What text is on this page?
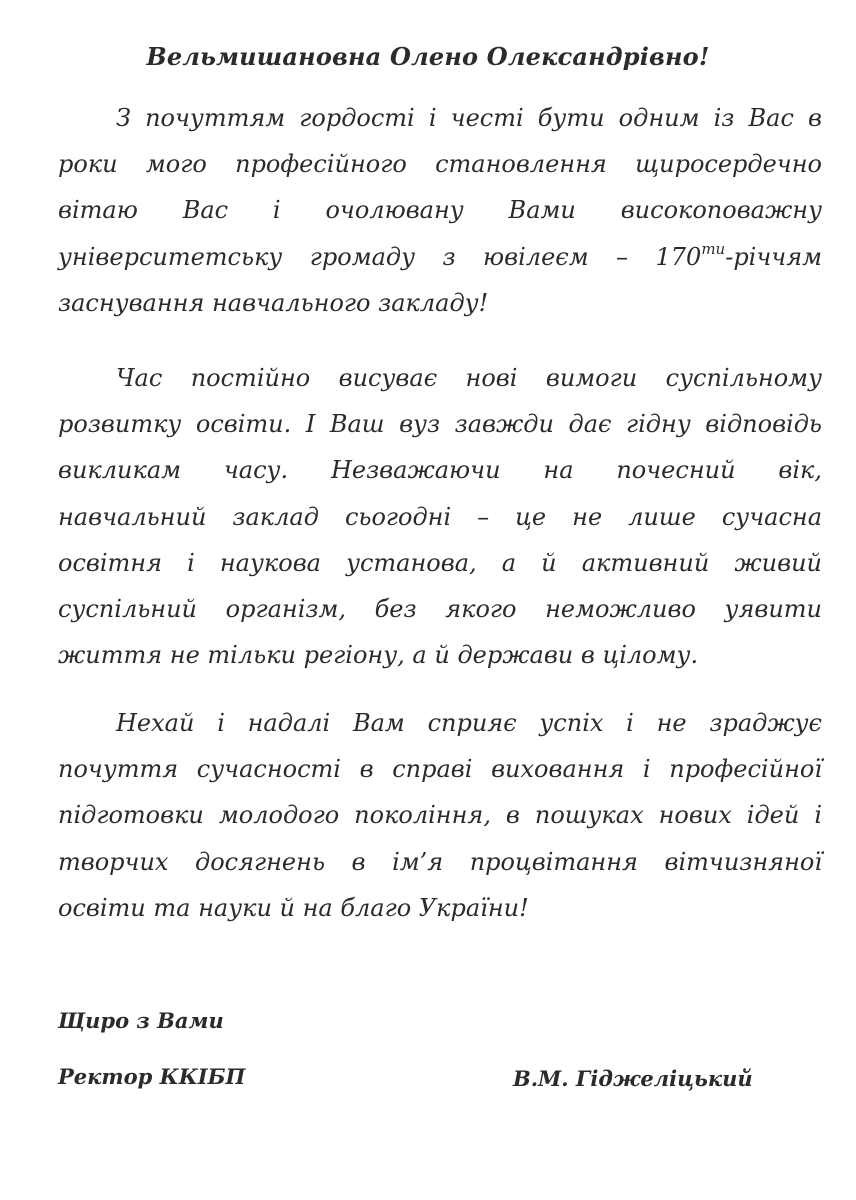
Вельмишановна Олено Олександрівно!
З почуттям гордості і честі бути одним із Вас в
роки мого професійного становлення щиросердечно
вітаю Вас і очолювану Вами високоповажну
університетську громаду з ювілеєм – $170^{ти}$-річчям
заснування навчального закладу!
Час постійно висуває нові вимоги суспільному
розвитку освіти. І Ваш вуз завжди дає гідну відповідь
викликам часу. Незважаючи на почесний вік,
навчальний заклад сьогодні – це не лише сучасна
освітня і наукова установа, а й активний живий
суспільний організм, без якого неможливо уявити
життя не тільки регіону, а й держави в цілому.
Нехай і надалі Вам сприяє успіх і не зраджує
почуття сучасності в справі виховання і професійної
підготовки молодого покоління, в пошуках нових ідей і
творчих досягнень в ім’я процвітання вітчизняної
освіти та науки й на благо України!
Щиро з Вами
Ректор ККІБП	В.М. Гіджеліцький
